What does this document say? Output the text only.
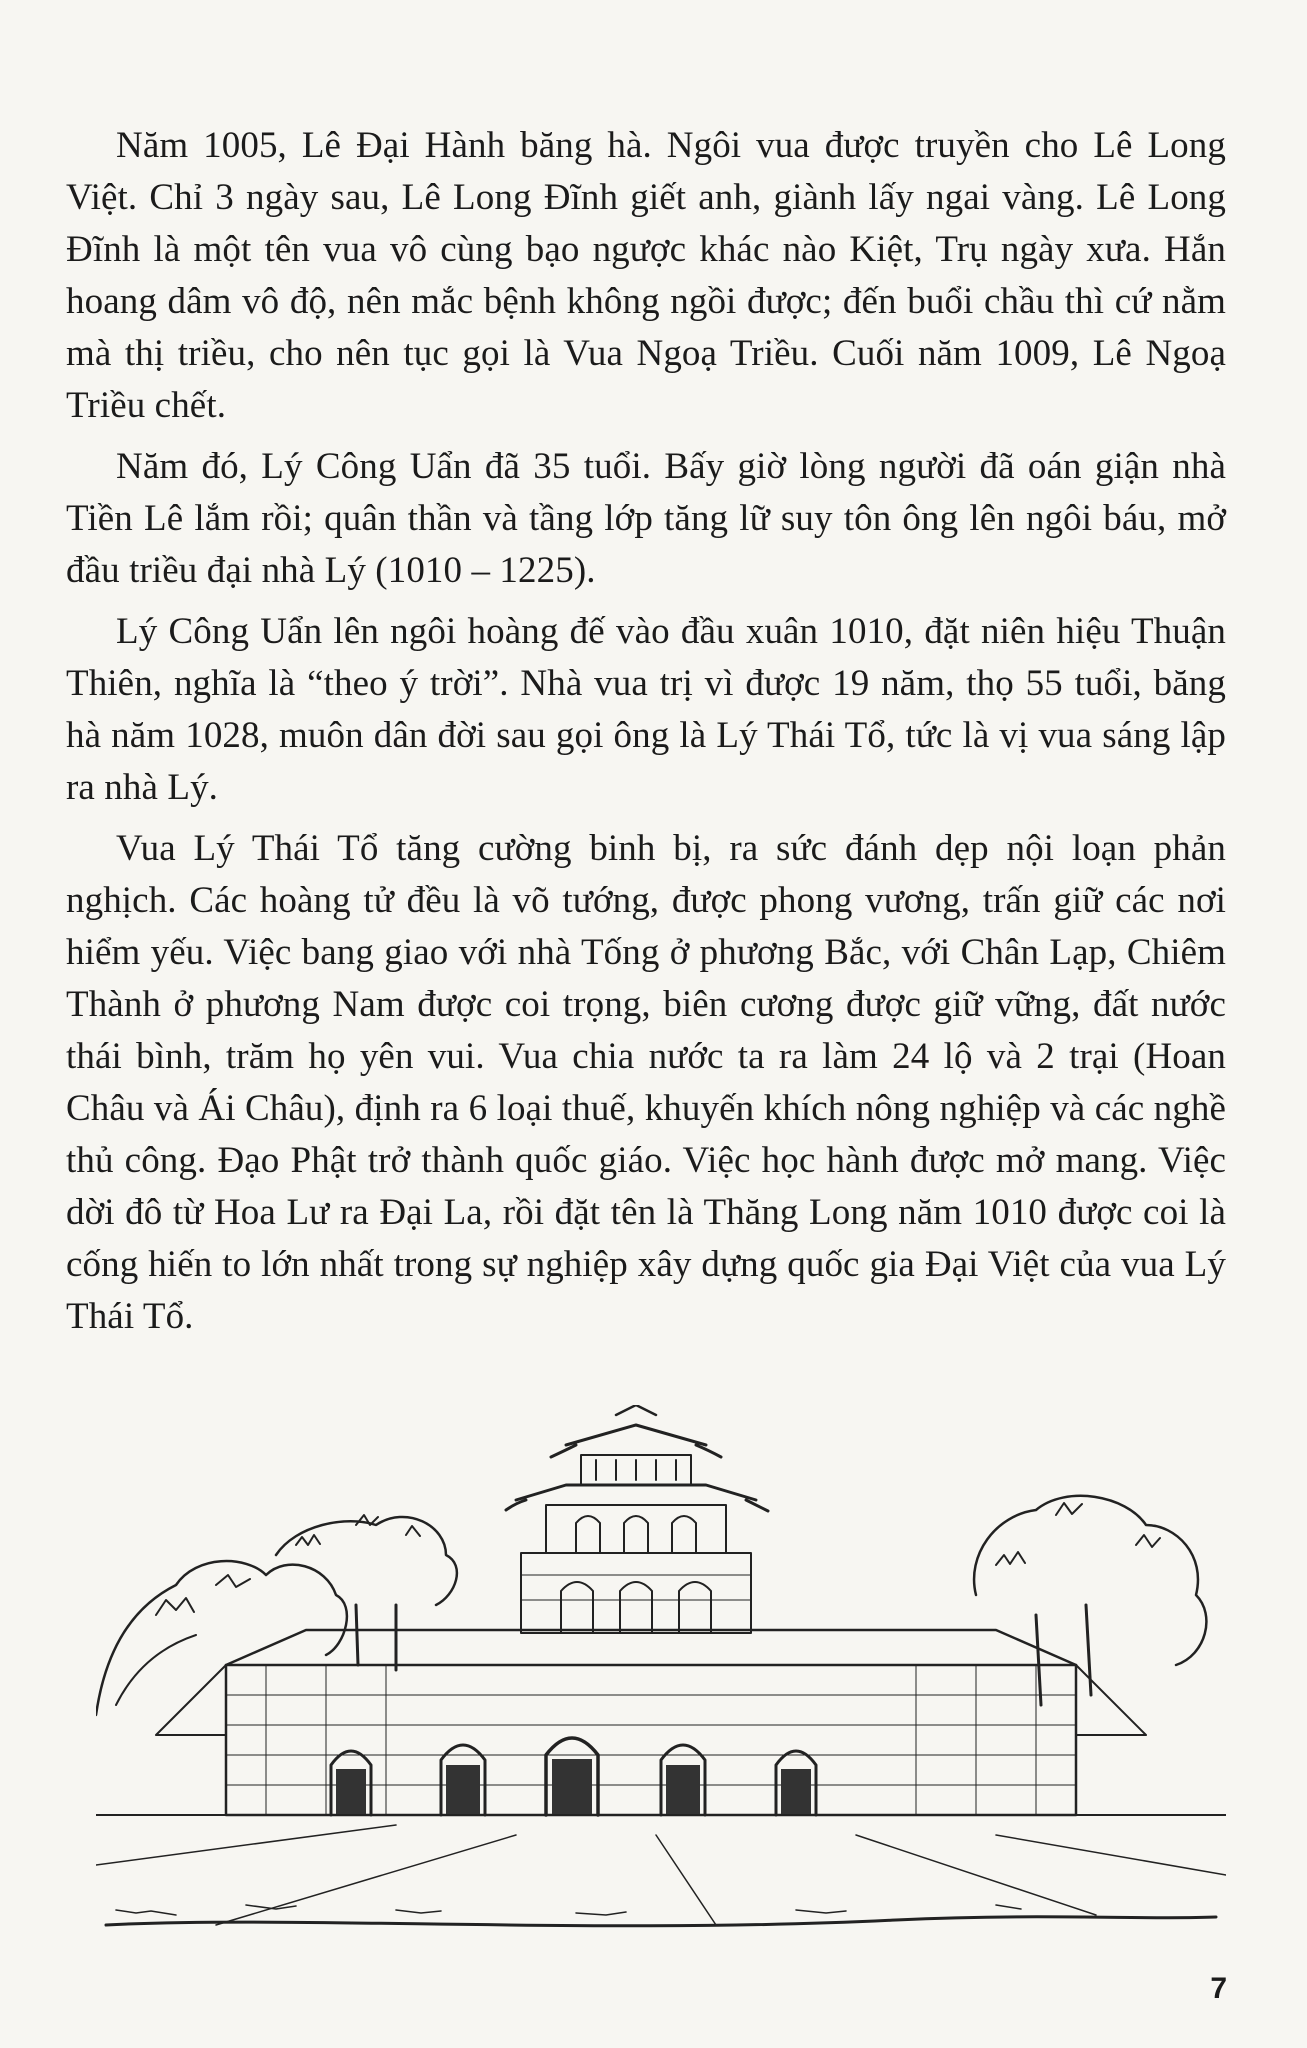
Năm 1005, Lê Đại Hành băng hà. Ngôi vua được truyền cho Lê Long Việt. Chỉ 3 ngày sau, Lê Long Đĩnh giết anh, giành lấy ngai vàng. Lê Long Đĩnh là một tên vua vô cùng bạo ngược khác nào Kiệt, Trụ ngày xưa. Hắn hoang dâm vô độ, nên mắc bệnh không ngồi được; đến buổi chầu thì cứ nằm mà thị triều, cho nên tục gọi là Vua Ngoạ Triều. Cuối năm 1009, Lê Ngoạ Triều chết.

Năm đó, Lý Công Uẩn đã 35 tuổi. Bấy giờ lòng người đã oán giận nhà Tiền Lê lắm rồi; quân thần và tầng lớp tăng lữ suy tôn ông lên ngôi báu, mở đầu triều đại nhà Lý (1010 – 1225).

Lý Công Uẩn lên ngôi hoàng đế vào đầu xuân 1010, đặt niên hiệu Thuận Thiên, nghĩa là “theo ý trời”. Nhà vua trị vì được 19 năm, thọ 55 tuổi, băng hà năm 1028, muôn dân đời sau gọi ông là Lý Thái Tổ, tức là vị vua sáng lập ra nhà Lý.

Vua Lý Thái Tổ tăng cường binh bị, ra sức đánh dẹp nội loạn phản nghịch. Các hoàng tử đều là võ tướng, được phong vương, trấn giữ các nơi hiểm yếu. Việc bang giao với nhà Tống ở phương Bắc, với Chân Lạp, Chiêm Thành ở phương Nam được coi trọng, biên cương được giữ vững, đất nước thái bình, trăm họ yên vui. Vua chia nước ta ra làm 24 lộ và 2 trại (Hoan Châu và Ái Châu), định ra 6 loại thuế, khuyến khích nông nghiệp và các nghề thủ công. Đạo Phật trở thành quốc giáo. Việc học hành được mở mang. Việc dời đô từ Hoa Lư ra Đại La, rồi đặt tên là Thăng Long năm 1010 được coi là cống hiến to lớn nhất trong sự nghiệp xây dựng quốc gia Đại Việt của vua Lý Thái Tổ.

7
